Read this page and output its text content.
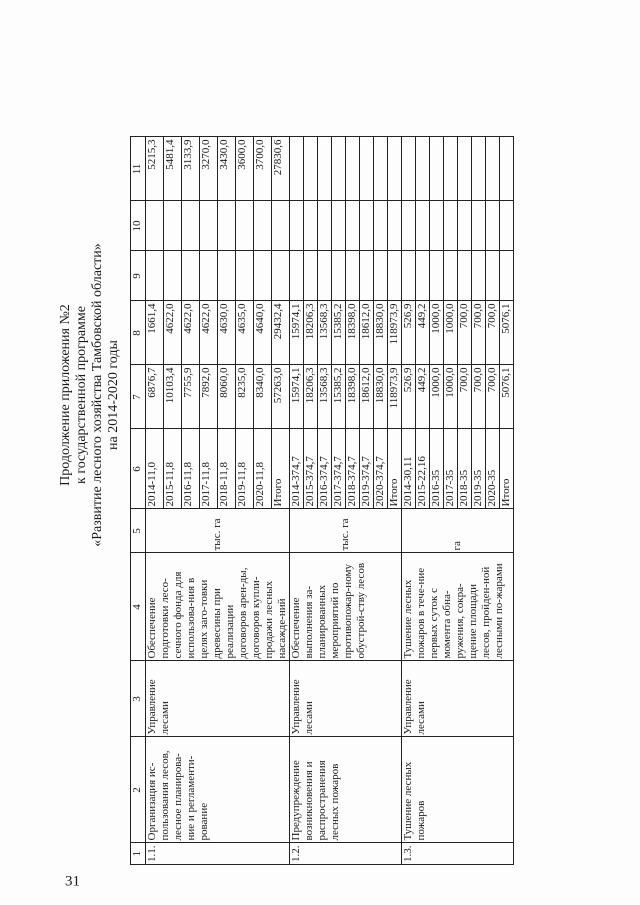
31
Продолжение приложения №2 к государственной программе «Развитие лесного хозяйства Тамбовской области» на 2014-2020 годы
1	2	3	4	5	6	7	8	9	10	11
1.1.	Организация ис-пользования лесов, лесное планирова-ние и регламенти-рование	Управление лесами	Обеспечение подготовки лесо-сечного фонда для использова-ния в целях заго-товки древесины при реализации договоров арен-ды, договоров купли-продажи лесных насажде-ний	тыс. га	2014-11,0	6876,7	1661,4			5215,3
					2015-11,8	10103,4	4622,0			5481,4
					2016-11,8	7755,9	4622,0			3133,9
					2017-11,8	7892,0	4622,0			3270,0
					2018-11,8	8060,0	4630,0			3430,0
					2019-11,8	8235,0	4635,0			3600,0
					2020-11,8	8340,0	4640,0			3700,0
					Итого	57263,0	29432,4			27830,6
1.2.	Предупреждение возникновения и распространения лесных пожаров	Управление лесами	Обеспечение выполнения за-планированных мероприятий по противопожар-ному обустрой-ству лесов	тыс. га	2014-374,7	15974,1	15974,1			
					2015-374,7	18206,3	18206,3			
					2016-374,7	13568,3	13568,3			
					2017-374,7	15385,2	15385,2			
					2018-374,7	18398,0	18398,0			
					2019-374,7	18612,0	18612,0			
					2020-374,7	18830,0	18830,0			
					Итого	118973,9	118973,9			
1.3.	Тушение лесных пожаров	Управление лесами	Тушение лесных пожаров в тече-ние первых суток с момента обна-ружения, сокра-щение площади лесов, пройден-ной лесными по-жарами	га	2014-30,11	526,9	526,9			
					2015-22,16	449,2	449,2			
					2016-35	1000,0	1000,0			
					2017-35	1000,0	1000,0			
					2018-35	700,0	700,0			
					2019-35	700,0	700,0			
					2020-35	700,0	700,0			
					Итого	5076,1	5076,1			
